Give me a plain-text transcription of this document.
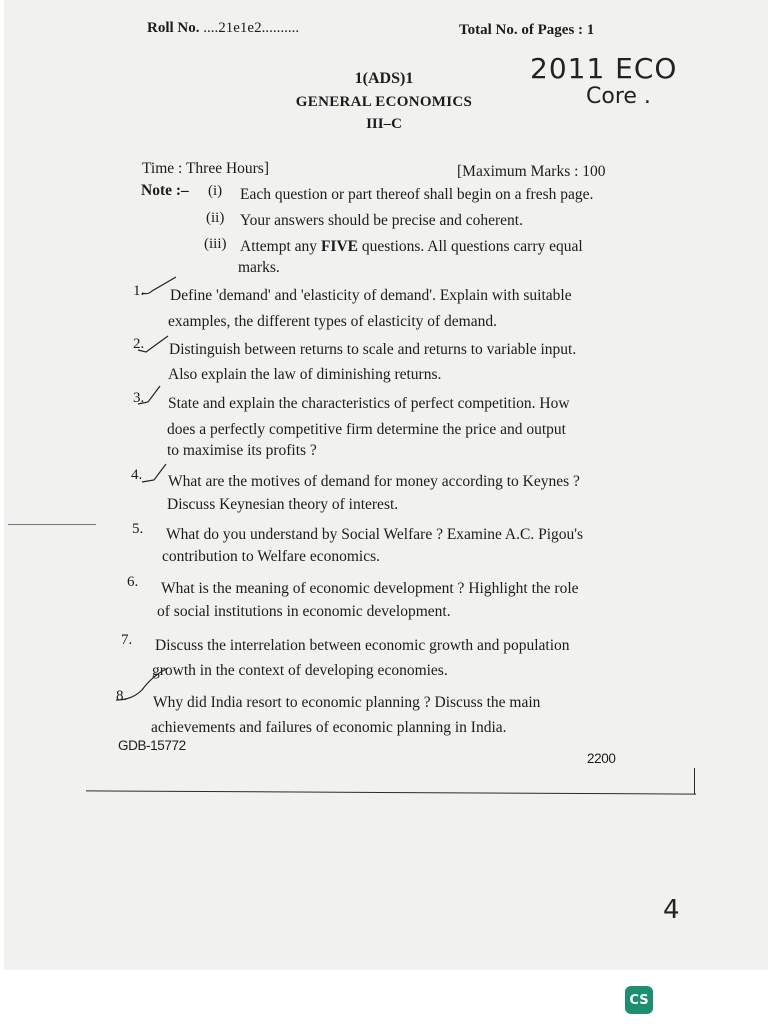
Roll No. ....21e1e2..........	Total No. of Pages : 1
1(ADS)1
GENERAL ECONOMICS
III–C
2011 ECO
Core .
Time : Three Hours]	[Maximum Marks : 100
Note :– (i) Each question or part thereof shall begin on a fresh page.
(ii) Your answers should be precise and coherent.
(iii) Attempt any FIVE questions. All questions carry equal
marks.
1. Define 'demand' and 'elasticity of demand'. Explain with suitable
examples, the different types of elasticity of demand.
2. Distinguish between returns to scale and returns to variable input.
Also explain the law of diminishing returns.
3. State and explain the characteristics of perfect competition. How
does a perfectly competitive firm determine the price and output
to maximise its profits ?
4. What are the motives of demand for money according to Keynes ?
Discuss Keynesian theory of interest.
5. What do you understand by Social Welfare ? Examine A.C. Pigou's
contribution to Welfare economics.
6. What is the meaning of economic development ? Highlight the role
of social institutions in economic development.
7. Discuss the interrelation between economic growth and population
growth in the context of developing economies.
8. Why did India resort to economic planning ? Discuss the main
achievements and failures of economic planning in India.
GDB-15772
2200
4
CS
